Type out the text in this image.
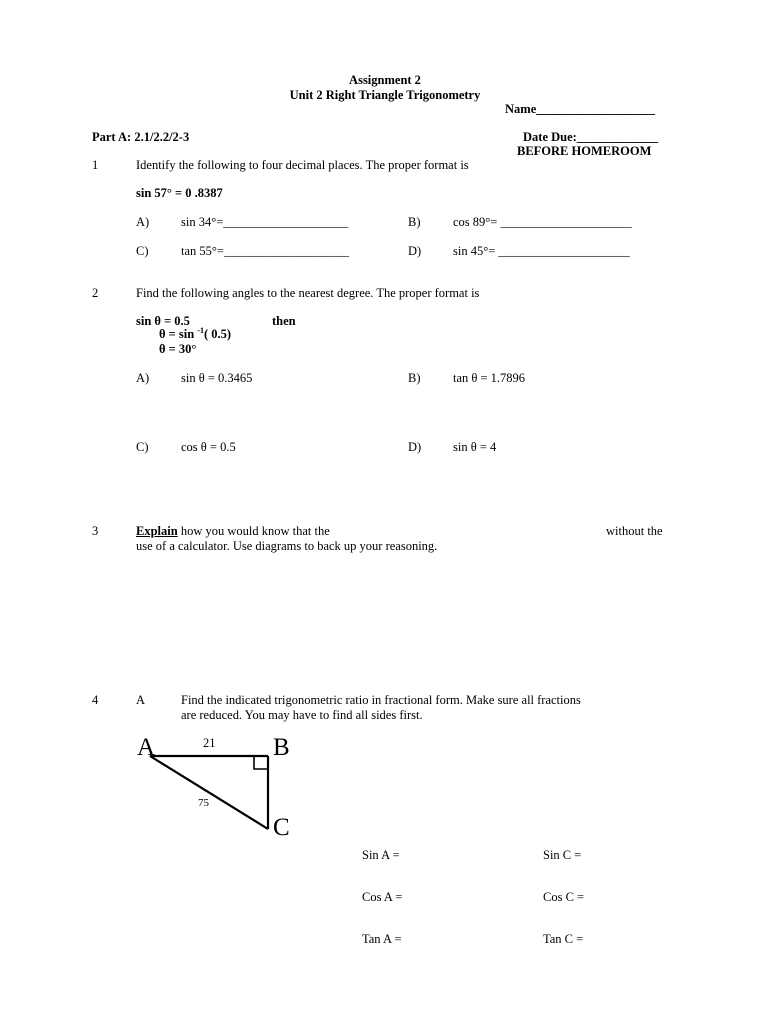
Assignment 2
Unit 2 Right Triangle Trigonometry
Name___________________
Part A: 2.1/2.2/2-3	Date Due:_____________
BEFORE HOMEROOM
1	Identify the following to four decimal places. The proper format is
sin 57° = 0 .8387
A)	sin 34°=____________________	B)	cos 89°= _____________________
C)	tan 55°=____________________	D)	sin 45°= _____________________
2	Find the following angles to the nearest degree. The proper format is
sin θ = 0.5	then
θ = sin $^{-1}$( 0.5)
θ = 30°
A)	sin θ = 0.3465	B)	tan θ = 1.7896
C)	cos θ = 0.5	D)	sin θ = 4
3	Explain how you would know that the	without the
use of a calculator. Use diagrams to back up your reasoning.
4	A	Find the indicated trigonometric ratio in fractional form. Make sure all fractions
are reduced. You may have to find all sides first.
A	B
C
21
75
Sin A =	Sin C =
Cos A =	Cos C =
Tan A =	Tan C =
